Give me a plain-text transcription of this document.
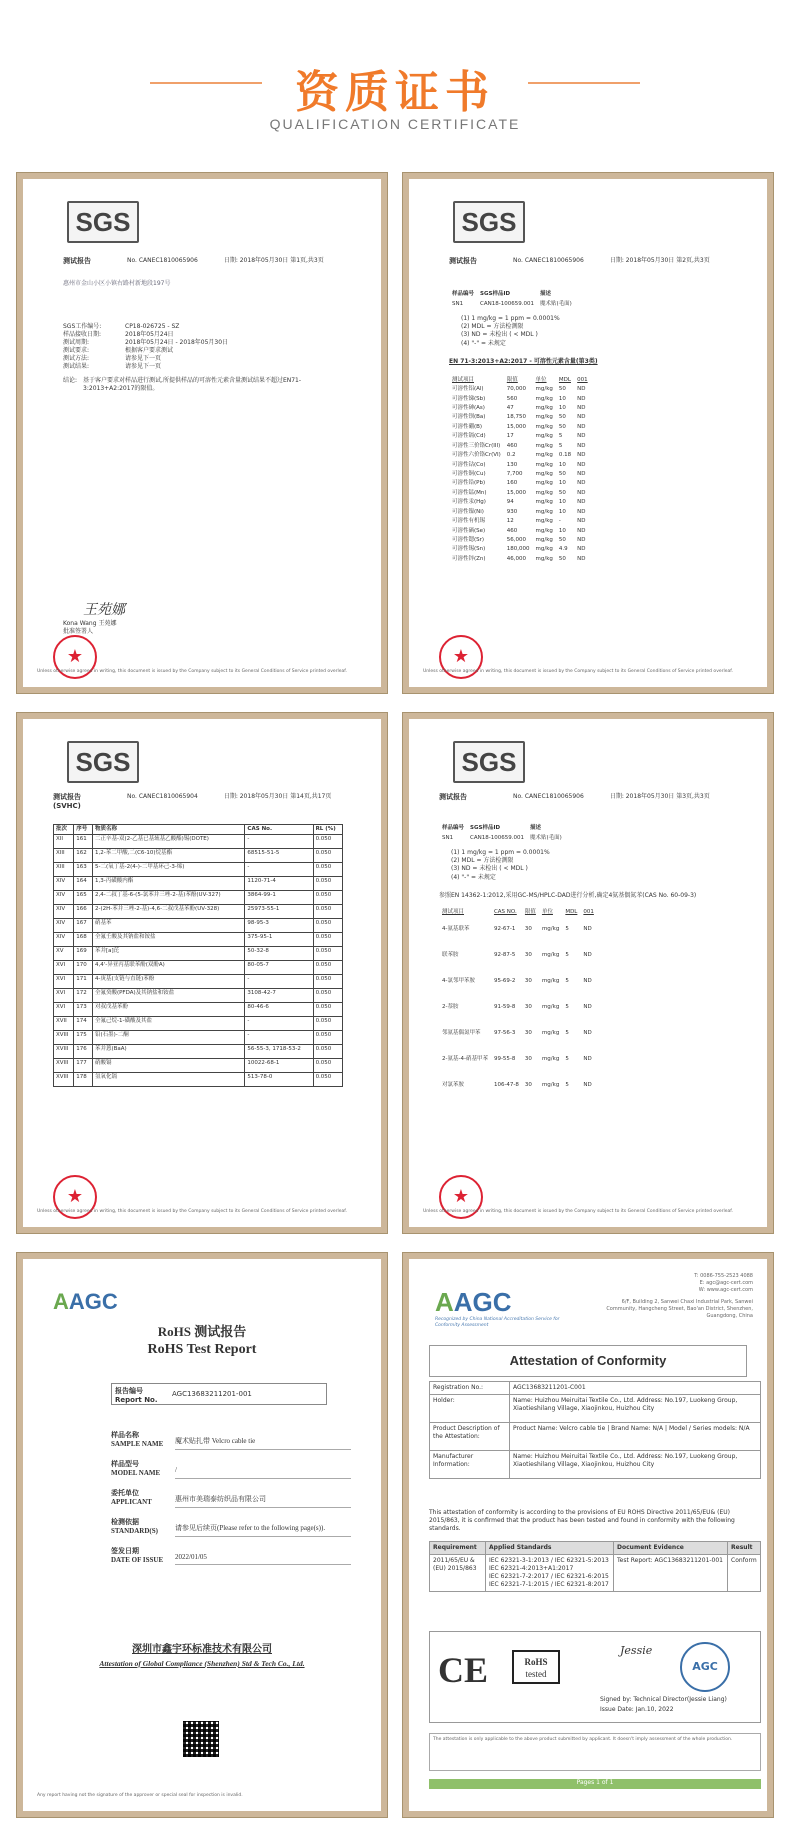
资质证书
QUALIFICATION CERTIFICATE
SGS
测试报告	No. CANEC1810065906	日期: 2018年05月30日 第1页,共3页
惠州市金山小区小镇右路村新地段197号
SGS工作编号:	CP18-026725 - SZ
样品接收日期:	2018年05月24日
测试周期:	2018年05月24日 - 2018年05月30日
测试要求:	根据客户要求测试
测试方法:	请参见下一页
测试结果:	请参见下一页
结论: 基于客户要求对样品进行测试,所提供样品的可溶性元素含量测试结果不超过EN71-3:2013+A2:2017的限值。
王苑娜
Kona Wang 王苑娜
批准签署人
★
Unless otherwise agreed in writing, this document is issued by the Company subject to its General Conditions of Service printed overleaf.
SGS
测试报告	No. CANEC1810065906	日期: 2018年05月30日 第2页,共3页
样品编号	SGS样品ID	描述
SN1	CAN18-100659.001	魔术贴(毛面)
(1) 1 mg/kg = 1 ppm = 0.0001%
(2) MDL = 方法检测限
(3) ND = 未检出 ( < MDL )
(4) "-" = 未规定
EN 71-3:2013+A2:2017 - 可溶性元素含量(第3类)
测试项目	限值	单位	MDL	001
可溶性铝(Al)	70,000	mg/kg	50	ND
可溶性锑(Sb)	560	mg/kg	10	ND
可溶性砷(As)	47	mg/kg	10	ND
可溶性钡(Ba)	18,750	mg/kg	50	ND
可溶性硼(B)	15,000	mg/kg	50	ND
可溶性镉(Cd)	17	mg/kg	5	ND
可溶性三价铬Cr(III)	460	mg/kg	5	ND
可溶性六价铬Cr(VI)	0.2	mg/kg	0.18	ND
可溶性钴(Co)	130	mg/kg	10	ND
可溶性铜(Cu)	7,700	mg/kg	50	ND
可溶性铅(Pb)	160	mg/kg	10	ND
可溶性锰(Mn)	15,000	mg/kg	50	ND
可溶性汞(Hg)	94	mg/kg	10	ND
可溶性镍(Ni)	930	mg/kg	10	ND
可溶性有机锡	12	mg/kg	-	ND
可溶性硒(Se)	460	mg/kg	10	ND
可溶性锶(Sr)	56,000	mg/kg	50	ND
可溶性锡(Sn)	180,000	mg/kg	4.9	ND
可溶性锌(Zn)	46,000	mg/kg	50	ND
★
Unless otherwise agreed in writing, this document is issued by the Company subject to its General Conditions of Service printed overleaf.
SGS
测试报告	No. CANEC1810065904	日期: 2018年05月30日 第14页,共17页
(SVHC)
批次	序号	物质名称	CAS No.	RL (%)
XII	161	二正辛基-双(2-乙基已基巯基乙酸酯)锡(DOTE)	-	0.050
XIII	162	1,2-苯二甲酸,二(C6-10)烷基酯	68515-51-5	0.050
XIII	163	5-二(氧丁基-2(4-)-二甲基环己-3-烯)	-	0.050
XIV	164	1,3-丙磺酸内酯	1120-71-4	0.050
XIV	165	2,4-二叔丁基-6-(5-氯苯并三唑-2-基)苯酚(UV-327)	3864-99-1	0.050
XIV	166	2-(2H-苯并三唑-2-基)-4,6-二叔戊基苯酚(UV-328)	25973-55-1	0.050
XIV	167	硝基苯	98-95-3	0.050
XIV	168	全氟壬酸及其钠盐和铵盐	375-95-1	0.050
XV	169	苯并[a]芘	50-32-8	0.050
XVI	170	4,4'-异亚丙基联苯酚(双酚A)	80-05-7	0.050
XVI	171	4-庚基(支链与直链)苯酚	-	0.050
XVI	172	全氟癸酸(PFDA)及其钠盐和铵盐	3108-42-7	0.050
XVI	173	对叔戊基苯酚	80-46-6	0.050
XVII	174	全氟己烷-1-磺酸及其盐	-	0.050
XVIII	175	铅(石墨)-二酮	-	0.050
XVIII	176	苯并蒽(BaA)	56-55-3, 1718-53-2	0.050
XVIII	177	硝酸镉	10022-68-1	0.050
XVIII	178	氢氧化镉	513-78-0	0.050
★
Unless otherwise agreed in writing, this document is issued by the Company subject to its General Conditions of Service printed overleaf.
SGS
测试报告	No. CANEC1810065906	日期: 2018年05月30日 第3页,共3页
样品编号	SGS样品ID	描述
SN1	CAN18-100659.001	魔术贴(毛面)
(1) 1 mg/kg = 1 ppm = 0.0001%
(2) MDL = 方法检测限
(3) ND = 未检出 ( < MDL )
(4) "-" = 未规定
参照EN 14362-1:2012,采用GC-MS/HPLC-DAD进行分析,确定4氨基偶氮苯(CAS No. 60-09-3)
测试项目	CAS NO.	限值	单位	MDL	001
4-氨基联苯	92-67-1	30	mg/kg	5	ND
联苯胺	92-87-5	30	mg/kg	5	ND
4-氯邻甲苯胺	95-69-2	30	mg/kg	5	ND
2-萘胺	91-59-8	30	mg/kg	5	ND
邻氨基偶氮甲苯	97-56-3	30	mg/kg	5	ND
2-氨基-4-硝基甲苯	99-55-8	30	mg/kg	5	ND
对氯苯胺	106-47-8	30	mg/kg	5	ND
★
Unless otherwise agreed in writing, this document is issued by the Company subject to its General Conditions of Service printed overleaf.
AAGC
RoHS 测试报告
RoHS Test Report
报告编号
Report No.
AGC13683211201-001
样品名称
SAMPLE NAME	魔术贴扎带 Velcro cable tie
样品型号
MODEL NAME	/
委托单位
APPLICANT	惠州市美瑞泰纺织品有限公司
检测依据
STANDARD(S)	请参见后续页(Please refer to the following page(s)).
签发日期
DATE OF ISSUE	2022/01/05
深圳市鑫宇环标准技术有限公司
Attestation of Global Compliance (Shenzhen) Std & Tech Co., Ltd.
Any report having not the signature of the approver or special seal for inspection is invalid.
AAGC
T: 0086-755-2523 4088
E: agc@agc-cert.com
W: www.agc-cert.com
6/F, Building 2, Sanwei Chaxi Industrial Park, Sanwei Community, Hangcheng Street, Bao'an District, Shenzhen, Guangdong, China
Recognized by China National Accreditation Service for Conformity Assessment
Attestation of Conformity
Registration No.:	AGC13683211201-C001
Holder:	Name: Huizhou Meiruitai Textile Co., Ltd. Address: No.197, Luokeng Group, Xiaotieshilang Village, Xiaojinkou, Huizhou City
Product Description of the Attestation:	Product Name: Velcro cable tie | Brand Name: N/A | Model / Series models: N/A
Manufacturer Information:	Name: Huizhou Meiruitai Textile Co., Ltd. Address: No.197, Luokeng Group, Xiaotieshilang Village, Xiaojinkou, Huizhou City
This attestation of conformity is according to the provisions of EU ROHS Directive 2011/65/EU& (EU) 2015/863, it is confirmed that the product has been tested and found in conformity with the following standards.
Requirement	Applied Standards	Document Evidence	Result
2011/65/EU & (EU) 2015/863	IEC 62321-3-1:2013 / IEC 62321-5:2013
IEC 62321-4:2013+A1:2017
IEC 62321-7-2:2017 / IEC 62321-6:2015
IEC 62321-7-1:2015 / IEC 62321-8:2017	Test Report: AGC13683211201-001	Conform
CE	RoHS
tested
Jessie
AGC
Signed by: Technical Director(Jessie Liang)
Issue Date: Jan.10, 2022
The attestation is only applicable to the above product submitted by applicant. It doesn't imply assessment of the whole production.
Pages 1 of 1
